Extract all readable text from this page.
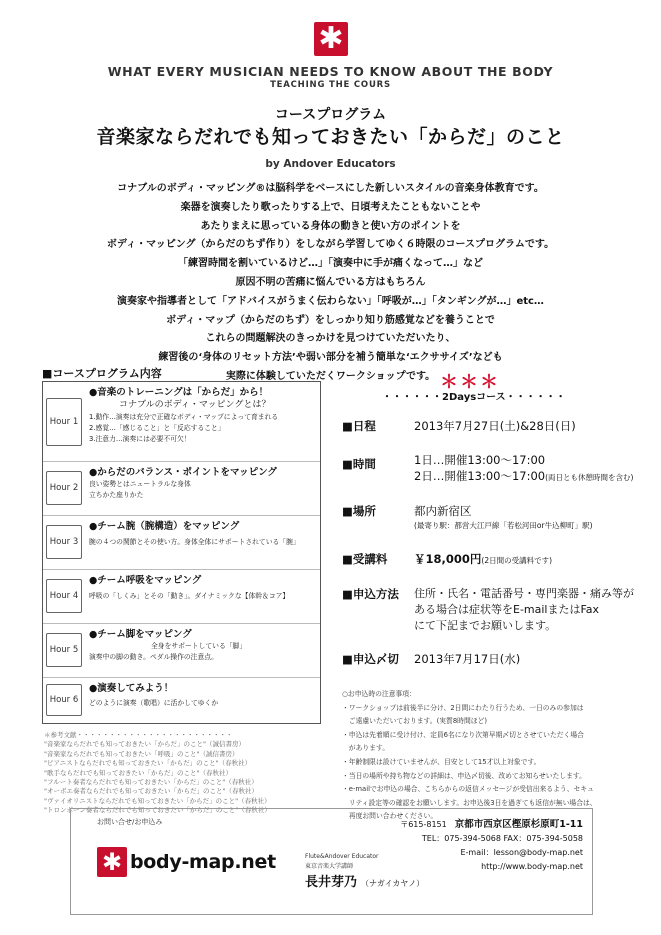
✱
WHAT EVERY MUSICIAN NEEDS TO KNOW ABOUT THE BODY
TEACHING THE COURS
コースプログラム
音楽家ならだれでも知っておきたい「からだ」のこと
by Andover Educators
コナブルのボディ・マッピング®は脳科学をベースにした新しいスタイルの音楽身体教育です。
楽器を演奏したり歌ったりする上で、日頃考えたこともないことや
あたりまえに思っている身体の動きと使い方のポイントを
ボディ・マッピング（からだのちず作り）をしながら学習してゆく６時限のコースプログラムです。
「練習時間を割いているけど…」「演奏中に手が痛くなって…」など
原因不明の苦痛に悩んでいる方はもちろん
演奏家や指導者として「アドバイスがうまく伝わらない」「呼吸が…」「タンギングが…」etc…
ボディ・マップ（からだのちず）をしっかり知り筋感覚などを養うことで
これらの問題解決のきっかけを見つけていただいたり、
練習後の‘身体のリセット方法’や弱い部分を補う簡単な‘エクササイズ’なども
実際に体験していただくワークショップです。
■コースプログラム内容
Hour 1
●音楽のトレーニングは「からだ」から！
コナブルのボディ・マッピングとは？
1.動作…演奏は充分で正確なボディ・マップによって育まれる
2.感覚…「感じること」と「反応すること」
3.注意力…演奏には必要不可欠！
Hour 2
●からだのバランス・ポイントをマッピング
良い姿勢とはニュートラルな身体
立ちかた座りかた
Hour 3
●チーム腕（腕構造）をマッピング
腕の４つの関節とその使い方。身体全体にサポートされている「腕」
Hour 4
●チーム呼吸をマッピング
呼吸の「しくみ」とその「動き」。ダイナミックな【体幹＆コア】
Hour 5
●チーム脚をマッピング
全身をサポートしている「脚」
演奏中の脚の動き。ペダル操作の注意点。
Hour 6
●演奏してみよう！
どのように演奏（歌唱）に活かしてゆくか
＊参考文献・・・・・・・・・・・・・・・・・・・・・・・・
"音楽家ならだれでも知っておきたい「からだ」のこと"（誠信書房）
"音楽家ならだれでも知っておきたい「呼吸」のこと"（誠信書房）
"ピアニストならだれでも知っておきたい「からだ」のこと"（春秋社）
"歌手ならだれでも知っておきたい「からだ」のこと"（春秋社）
"フルート奏者ならだれでも知っておきたい「からだ」のこと"（春秋社）
"オーボエ奏者ならだれでも知っておきたい「からだ」のこと"（春秋社）
"ヴァイオリニストならだれでも知っておきたい「からだ」のこと"（春秋社）
"トロンボーン奏者ならだれでも知っておきたい「からだ」のこと"（春秋社）
＊＊＊
・・・・・・2Daysコース・・・・・・
■日程	2013年7月27日(土)&28日(日)
■時間	1日…開催13:00〜17:00
2日…開催13:00〜17:00(両日とも休憩時間を含む)
■場所	都内新宿区
(最寄り駅：都営大江戸線「若松河田or牛込柳町」駅)
■受講料 ￥18,000円(2日間の受講料です)
■申込方法 住所・氏名・電話番号・専門楽器・痛み等が
ある場合は症状等をE-mailまたはFax
にて下記までお願いします。
■申込〆切 2013年7月17日(水)
○お申込時の注意事項：
・ワークショップは前後半に分け、2日間にわたり行うため、一日のみの参加は
　ご遠慮いただいております。(実質8時間ほど)
・申込は先着順に受け付け、定員6名になり次第早期〆切とさせていただく場合
　があります。
・年齢制限は設けていませんが、目安として15才以上対象です。
・当日の場所や持ち物などの詳細は、申込〆切後、改めてお知らせいたします。
・e-mailでお申込の場合、こちらからの返信メッセージが受信出来るよう、セキュ
　リティ設定等の確認をお願いします。お申込後3日を過ぎても返信が無い場合は、
　再度お問い合わせください。
お問い合せ/お申込み
✱ body-map.net	Flute&Andover Educator
東京音楽大学講師
長井芽乃 （ナガイカヤノ）
〒615-8151　 京都市西京区樫原杉原町1-11
TEL：075-394-5068 FAX：075-394-5058
E-mail：lesson@body-map.net
http://www.body-map.net
